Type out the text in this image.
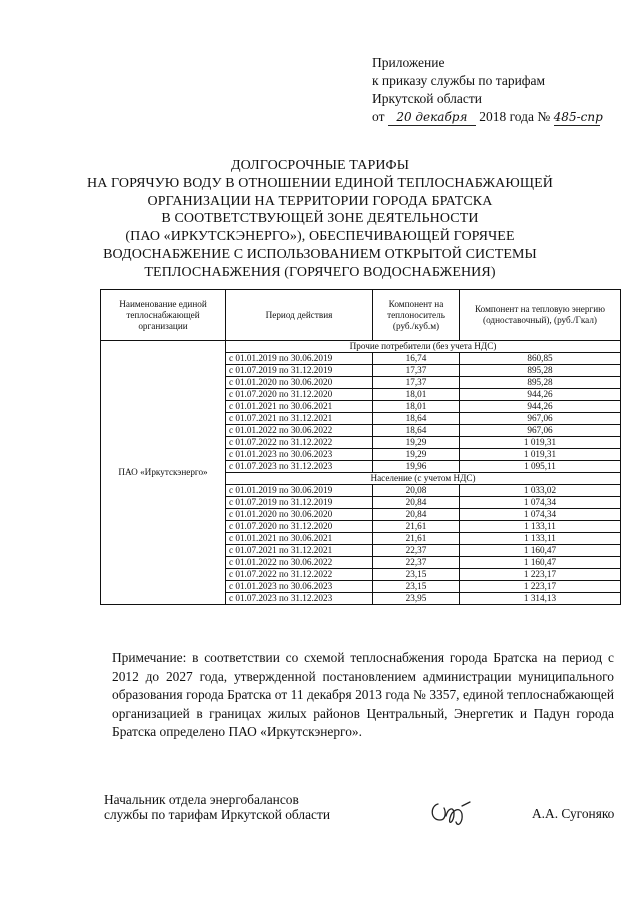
Приложение
к приказу службы по тарифам
Иркутской области
от 20 декабря 2018 года № 485-спр
ДОЛГОСРОЧНЫЕ ТАРИФЫ
НА ГОРЯЧУЮ ВОДУ В ОТНОШЕНИИ ЕДИНОЙ ТЕПЛОСНАБЖАЮЩЕЙ
ОРГАНИЗАЦИИ НА ТЕРРИТОРИИ ГОРОДА БРАТСКА
В СООТВЕТСТВУЮЩЕЙ ЗОНЕ ДЕЯТЕЛЬНОСТИ
(ПАО «ИРКУТСКЭНЕРГО»), ОБЕСПЕЧИВАЮЩЕЙ ГОРЯЧЕЕ
ВОДОСНАБЖЕНИЕ С ИСПОЛЬЗОВАНИЕМ ОТКРЫТОЙ СИСТЕМЫ
ТЕПЛОСНАБЖЕНИЯ (ГОРЯЧЕГО ВОДОСНАБЖЕНИЯ)
Наименование единой теплоснабжающей организации	Период действия	Компонент на теплоноситель (руб./куб.м)	Компонент на тепловую энергию (одноставочный), (руб./Гкал)
ПАО «Иркутскэнерго»	Прочие потребители (без учета НДС)		
	с 01.01.2019 по 30.06.2019	16,74	860,85
	с 01.07.2019 по 31.12.2019	17,37	895,28
	с 01.01.2020 по 30.06.2020	17,37	895,28
	с 01.07.2020 по 31.12.2020	18,01	944,26
	с 01.01.2021 по 30.06.2021	18,01	944,26
	с 01.07.2021 по 31.12.2021	18,64	967,06
	с 01.01.2022 по 30.06.2022	18,64	967,06
	с 01.07.2022 по 31.12.2022	19,29	1 019,31
	с 01.01.2023 по 30.06.2023	19,29	1 019,31
	с 01.07.2023 по 31.12.2023	19,96	1 095,11
	Население (с учетом НДС)		
	с 01.01.2019 по 30.06.2019	20,08	1 033,02
	с 01.07.2019 по 31.12.2019	20,84	1 074,34
	с 01.01.2020 по 30.06.2020	20,84	1 074,34
	с 01.07.2020 по 31.12.2020	21,61	1 133,11
	с 01.01.2021 по 30.06.2021	21,61	1 133,11
	с 01.07.2021 по 31.12.2021	22,37	1 160,47
	с 01.01.2022 по 30.06.2022	22,37	1 160,47
	с 01.07.2022 по 31.12.2022	23,15	1 223,17
	с 01.01.2023 по 30.06.2023	23,15	1 223,17
	с 01.07.2023 по 31.12.2023	23,95	1 314,13
Примечание: в соответствии со схемой теплоснабжения города Братска на период с 2012 до 2027 года, утвержденной постановлением администрации муниципального образования города Братска от 11 декабря 2013 года № 3357, единой теплоснабжающей организацией в границах жилых районов Центральный, Энергетик и Падун города Братска определено ПАО «Иркутскэнерго».
Начальник отдела энергобалансов
службы по тарифам Иркутской области	А.А. Сугоняко
